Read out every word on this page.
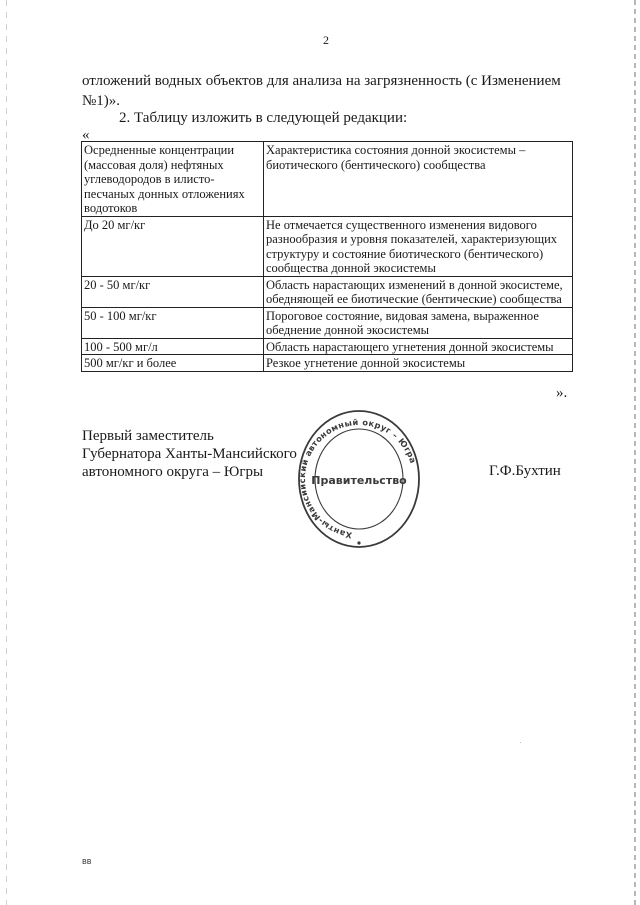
2
отложений водных объектов для анализа на загрязненность (с Изменением
№1)».
2. Таблицу изложить в следующей редакции:
«
Осредненные концентрации (массовая доля) нефтяных углеводородов в илисто-песчаных донных отложениях водотоков	Характеристика состояния донной экосистемы – биотического (бентического) сообщества
До 20 мг/кг	Не отмечается существенного изменения видового разнообразия и уровня показателей, характеризующих структуру и состояние биотического (бентического) сообщества донной экосистемы
20 - 50 мг/кг	Область нарастающих изменений в донной экосистеме, обедняющей ее биотические (бентические) сообщества
50 - 100 мг/кг	Пороговое состояние, видовая замена, выраженное обеднение донной экосистемы
100 - 500 мг/л	Область нарастающего угнетения донной экосистемы
500 мг/кг и более	Резкое угнетение донной экосистемы
».
Первый заместитель
Губернатора Ханты-Мансийского
автономного округа – Югры
Ханты-Мансийский автономный округ – Югра
Правительство
Г.Ф.Бухтин
ВВ
